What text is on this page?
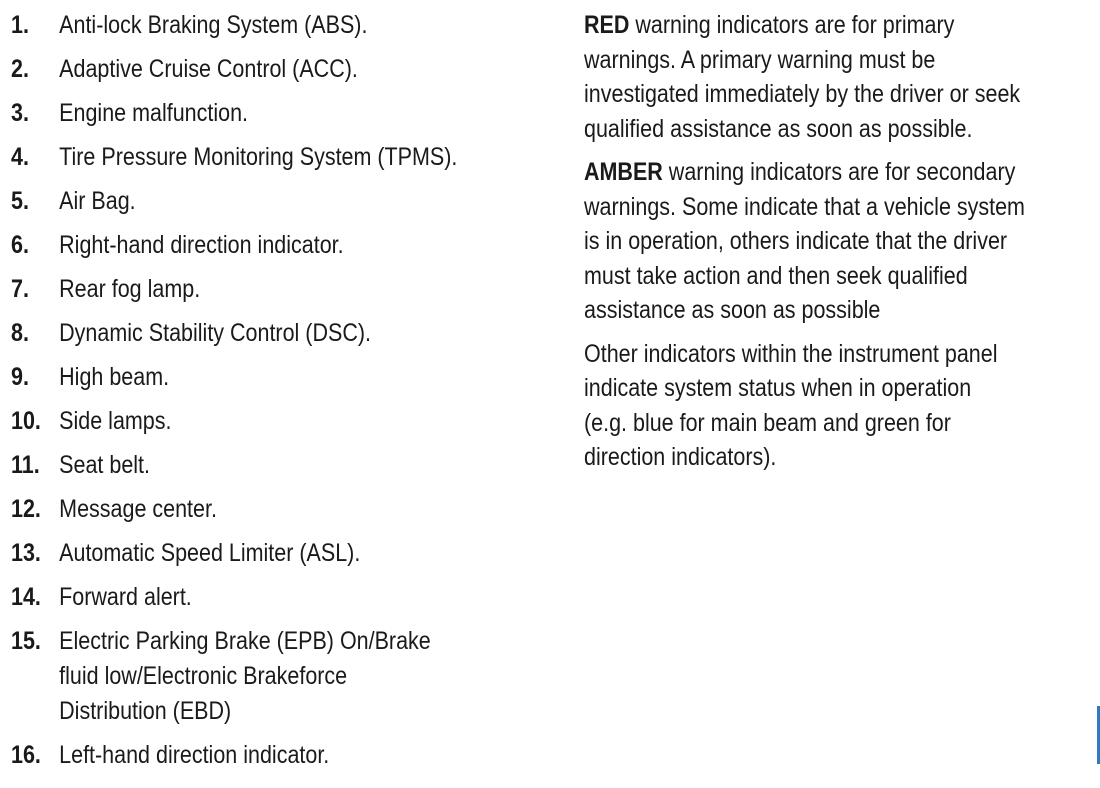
1.	Anti-lock Braking System (ABS).
2.	Adaptive Cruise Control (ACC).
3.	Engine malfunction.
4.	Tire Pressure Monitoring System (TPMS).
5.	Air Bag.
6.	Right-hand direction indicator.
7.	Rear fog lamp.
8.	Dynamic Stability Control (DSC).
9.	High beam.
10. Side lamps.
11. Seat belt.
12. Message center.
13. Automatic Speed Limiter (ASL).
14. Forward alert.
15. Electric Parking Brake (EPB) On/Brake
fluid low/Electronic Brakeforce
Distribution (EBD)
16. Left-hand direction indicator.

RED warning indicators are for primary
warnings. A primary warning must be
investigated immediately by the driver or seek
qualified assistance as soon as possible.

AMBER warning indicators are for secondary
warnings. Some indicate that a vehicle system
is in operation, others indicate that the driver
must take action and then seek qualified
assistance as soon as possible

Other indicators within the instrument panel
indicate system status when in operation
(e.g. blue for main beam and green for
direction indicators).
